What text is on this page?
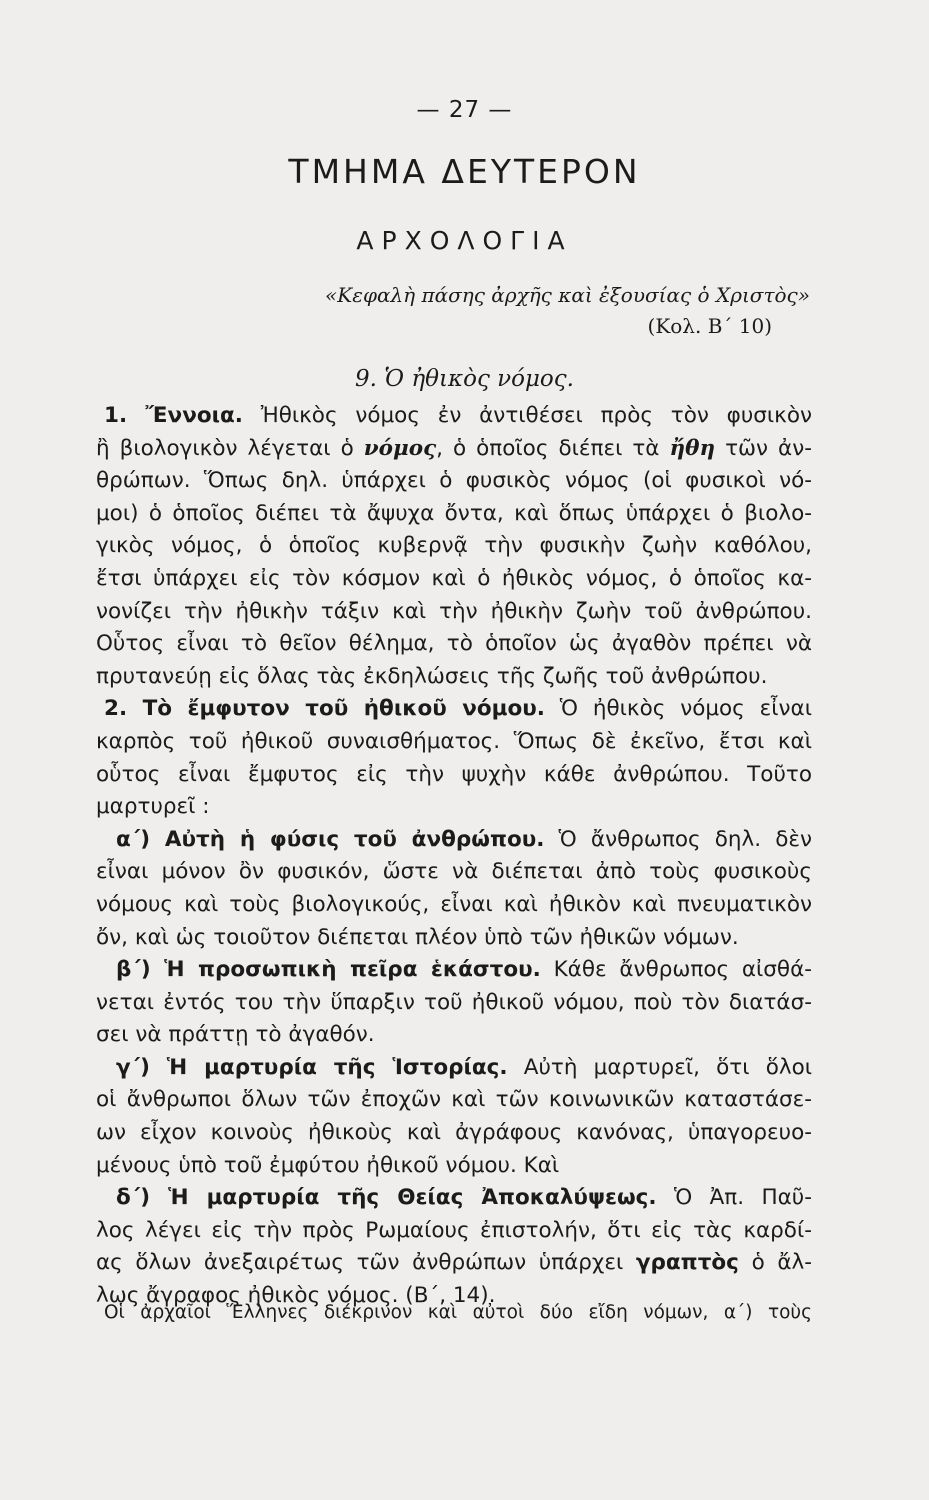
— 27 —
ΤΜΗΜΑ ΔΕΥΤΕΡΟΝ
ΑΡΧΟΛΟΓΙΑ
«Κεφαλὴ πάσης ἀρχῆς καὶ ἐξουσίας ὁ Χριστὸς»
(Κολ. Β΄ 10)
9. Ὁ ἠθικὸς νόμος.
1. Ἔννοια. Ἠθικὸς νόμος ἐν ἀντιθέσει πρὸς τὸν φυσικὸν
ἢ βιολογικὸν λέγεται ὁ νόμος, ὁ ὁποῖος διέπει τὰ ἤθη τῶν ἀν-
θρώπων. Ὅπως δηλ. ὑπάρχει ὁ φυσικὸς νόμος (οἱ φυσικοὶ νό-
μοι) ὁ ὁποῖος διέπει τὰ ἄψυχα ὄντα, καὶ ὅπως ὑπάρχει ὁ βιολο-
γικὸς νόμος, ὁ ὁποῖος κυβερνᾷ τὴν φυσικὴν ζωὴν καθόλου,
ἔτσι ὑπάρχει εἰς τὸν κόσμον καὶ ὁ ἠθικὸς νόμος, ὁ ὁποῖος κα-
νονίζει τὴν ἠθικὴν τάξιν καὶ τὴν ἠθικὴν ζωὴν τοῦ ἀνθρώπου.
Οὗτος εἶναι τὸ θεῖον θέλημα, τὸ ὁποῖον ὡς ἀγαθὸν πρέπει νὰ
πρυτανεύῃ εἰς ὅλας τὰς ἐκδηλώσεις τῆς ζωῆς τοῦ ἀνθρώπου.
2. Τὸ ἔμφυτον τοῦ ἠθικοῦ νόμου. Ὁ ἠθικὸς νόμος εἶναι
καρπὸς τοῦ ἠθικοῦ συναισθήματος. Ὅπως δὲ ἐκεῖνο, ἔτσι καὶ
οὗτος εἶναι ἔμφυτος εἰς τὴν ψυχὴν κάθε ἀνθρώπου. Τοῦτο
μαρτυρεῖ :
α΄) Αὐτὴ ἡ φύσις τοῦ ἀνθρώπου. Ὁ ἄνθρωπος δηλ. δὲν
εἶναι μόνον ὂν φυσικόν, ὥστε νὰ διέπεται ἀπὸ τοὺς φυσικοὺς
νόμους καὶ τοὺς βιολογικούς, εἶναι καὶ ἠθικὸν καὶ πνευματικὸν
ὄν, καὶ ὡς τοιοῦτον διέπεται πλέον ὑπὸ τῶν ἠθικῶν νόμων.
β΄) Ἡ προσωπικὴ πεῖρα ἑκάστου. Κάθε ἄνθρωπος αἰσθά-
νεται ἐντός του τὴν ὕπαρξιν τοῦ ἠθικοῦ νόμου, ποὺ τὸν διατάσ-
σει νὰ πράττῃ τὸ ἀγαθόν.
γ΄) Ἡ μαρτυρία τῆς Ἱστορίας. Αὐτὴ μαρτυρεῖ, ὅτι ὅλοι
οἱ ἄνθρωποι ὅλων τῶν ἐποχῶν καὶ τῶν κοινωνικῶν καταστάσε-
ων εἶχον κοινοὺς ἠθικοὺς καὶ ἀγράφους κανόνας, ὑπαγορευο-
μένους ὑπὸ τοῦ ἐμφύτου ἠθικοῦ νόμου. Καὶ
δ΄) Ἡ μαρτυρία τῆς Θείας Ἀποκαλύψεως. Ὁ Ἀπ. Παῦ-
λος λέγει εἰς τὴν πρὸς Ρωμαίους ἐπιστολήν, ὅτι εἰς τὰς καρδί-
ας ὅλων ἀνεξαιρέτως τῶν ἀνθρώπων ὑπάρχει γραπτὸς ὁ ἄλ-
λως ἄγραφος ἠθικὸς νόμος. (Β΄, 14).
Οἱ ἀρχαῖοι Ἕλληνες διέκρινον καὶ αὐτοὶ δύο εἴδη νόμων, α΄) τοὺς
